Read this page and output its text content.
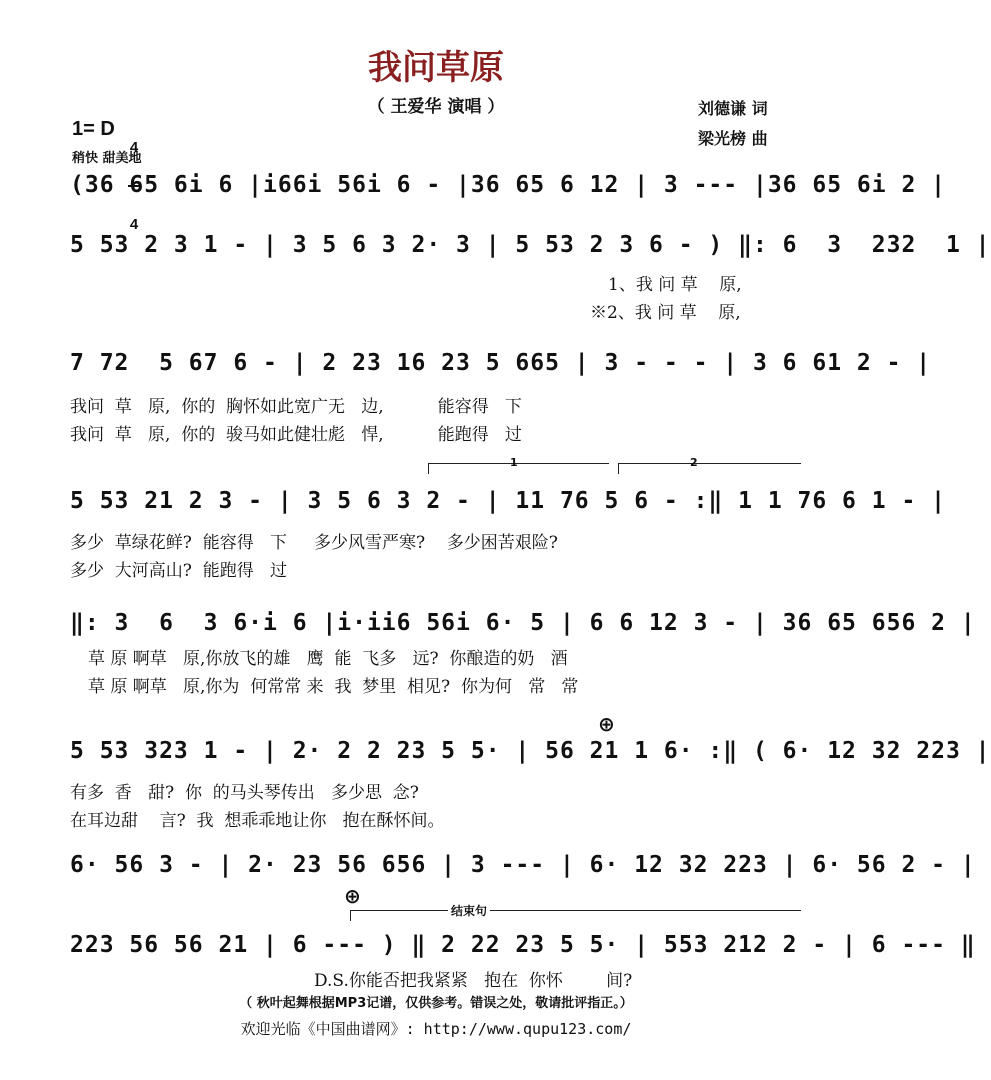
我问草原
（ 王爱华 演唱 ）	刘德谦 词
梁光榜 曲
1= D

4

4

稍快 甜美地
(36 65 6i 6 |i66i 56i 6 - |36 65 6 12 | 3 --- |36 65 6i 2 |
5 53 2 3 1 - | 3 5 6 3 2· 3 | 5 53 2 3 6 - ) ‖: 6  3  232  1 |
1、我 问 草    原,
※2、我 问 草    原,
7 72  5 67 6 - | 2 23 16 23 5 665 | 3 - - - | 3 6 61 2 - |
我问  草   原,  你的  胸怀如此宽广无   边,          能容得   下
我问  草   原,  你的  骏马如此健壮彪   悍,          能跑得   过
1	2
5 53 21 2 3 - | 3 5 6 3 2 - | 11 76 5 6 - :‖ 1 1 76 6 1 - |
多少  草绿花鲜?  能容得   下     多少风雪严寒?    多少困苦艰险?
多少  大河高山?  能跑得   过
‖: 3  6  3 6·i 6 |i·ii6 56i 6· 5 | 6 6 12 3 - | 36 65 656 2 |
草 原 啊草   原,你放飞的雄   鹰  能  飞多   远?  你酿造的奶   酒
草 原 啊草   原,你为  何常常 来  我  梦里  相见?  你为何   常   常
⊕
5 53 323 1 - | 2· 2 2 23 5 5· | 56 21 1 6· :‖ ( 6· 12 32 223 |
有多  香   甜?  你  的马头琴传出   多少思  念?
在耳边甜    言?  我  想乖乖地让你   抱在酥怀间。
6· 56 3 - | 2· 23 56 656 | 3 --- | 6· 12 32 223 | 6· 56 2 - |
⊕
结束句
223 56 56 21 | 6 --- ) ‖ 2 22 23 5 5· | 553 212 2 - | 6 --- ‖
D.S.你能否把我紧紧   抱在  你怀        间?
（ 秋叶起舞根据MP3记谱，仅供参考。错误之处，敬请批评指正。）
欢迎光临《中国曲谱网》: http://www.qupu123.com/
